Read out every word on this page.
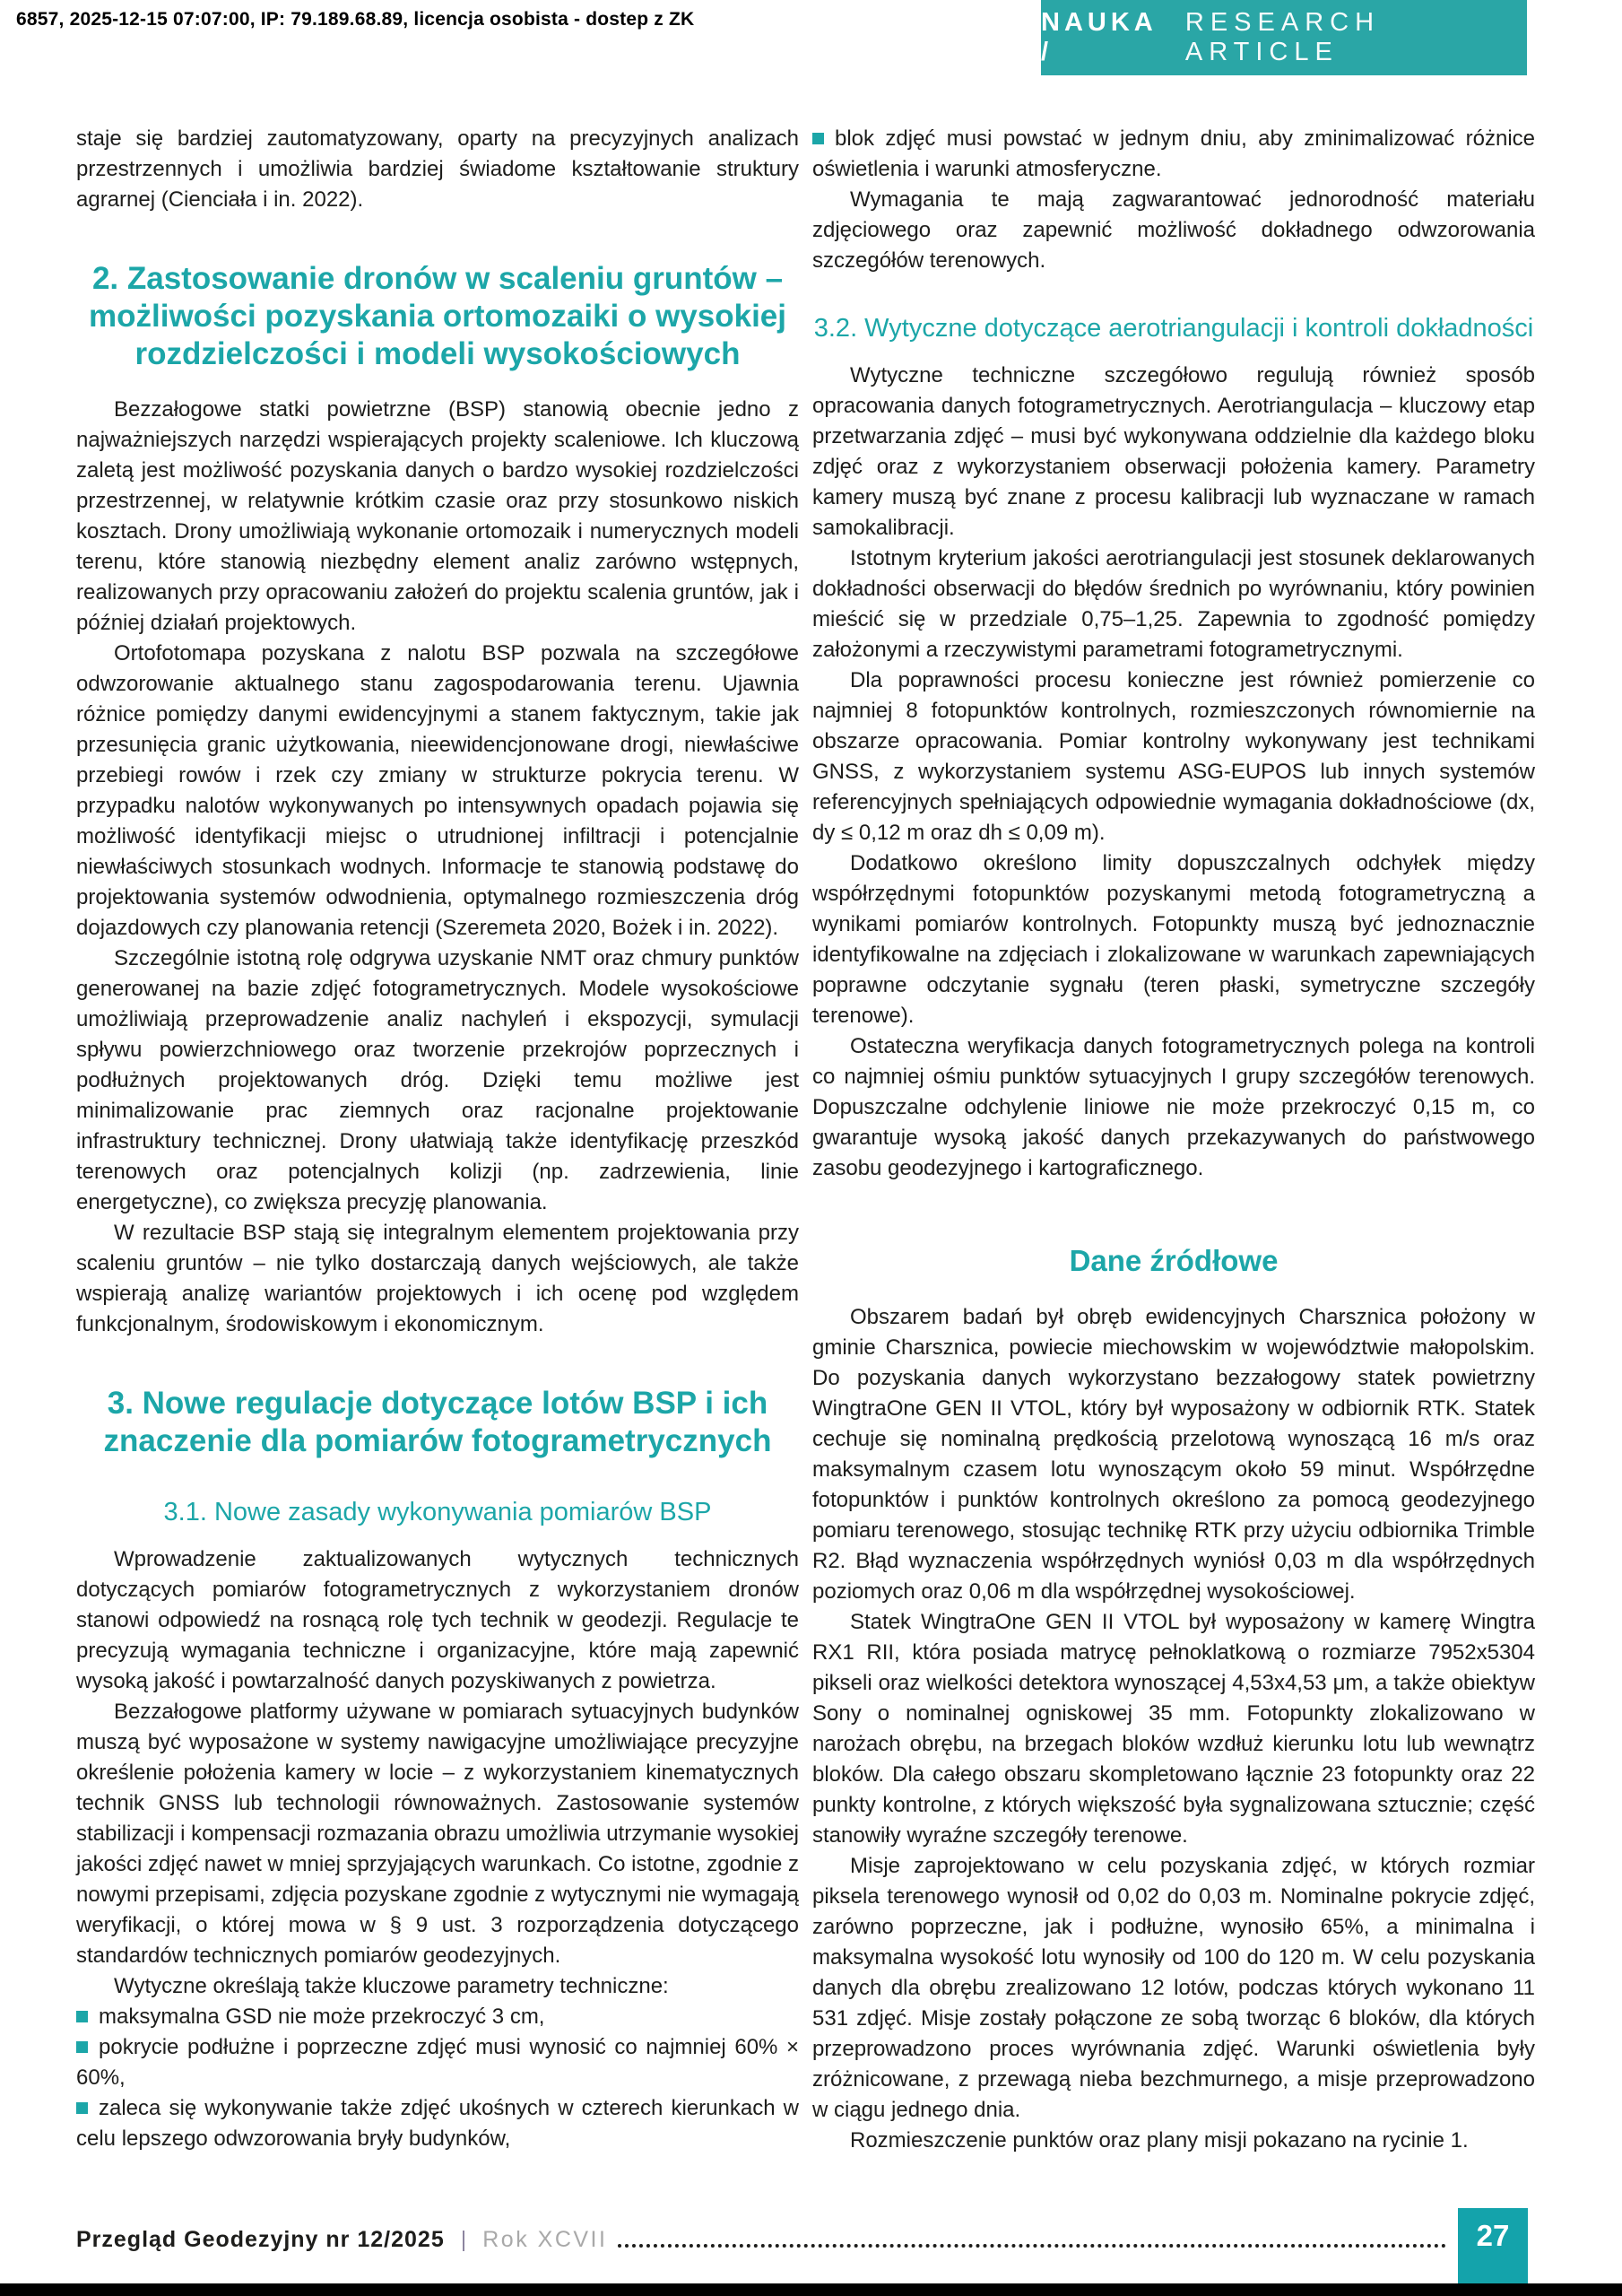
6857, 2025-12-15 07:07:00, IP: 79.189.68.89, licencja osobista - dostep z ZK	NAUKA /
RESEARCH ARTICLE

staje się bardziej zautomatyzowany, oparty na precyzyjnych analizach przestrzennych i umożliwia bardziej świadome kształtowanie struktury agrarnej (Cienciała i in. 2022).

2. Zastosowanie dronów w scaleniu gruntów – możliwości pozyskania ortomozaiki o wysokiej rozdzielczości i modeli wysokościowych

Bezzałogowe statki powietrzne (BSP) stanowią obecnie jedno z najważniejszych narzędzi wspierających projekty scaleniowe. Ich kluczową zaletą jest możliwość pozyskania danych o bardzo wysokiej rozdzielczości przestrzennej, w relatywnie krótkim czasie oraz przy stosunkowo niskich kosztach. Drony umożliwiają wykonanie ortomozaik i numerycznych modeli terenu, które stanowią niezbędny element analiz zarówno wstępnych, realizowanych przy opracowaniu założeń do projektu scalenia gruntów, jak i później działań projektowych.

Ortofotomapa pozyskana z nalotu BSP pozwala na szczegółowe odwzorowanie aktualnego stanu zagospodarowania terenu. Ujawnia różnice pomiędzy danymi ewidencyjnymi a stanem faktycznym, takie jak przesunięcia granic użytkowania, nieewidencjonowane drogi, niewłaściwe przebiegi rowów i rzek czy zmiany w strukturze pokrycia terenu. W przypadku nalotów wykonywanych po intensywnych opadach pojawia się możliwość identyfikacji miejsc o utrudnionej infiltracji i potencjalnie niewłaściwych stosunkach wodnych. Informacje te stanowią podstawę do projektowania systemów odwodnienia, optymalnego rozmieszczenia dróg dojazdowych czy planowania retencji (Szeremeta 2020, Bożek i in. 2022).

Szczególnie istotną rolę odgrywa uzyskanie NMT oraz chmury punktów generowanej na bazie zdjęć fotogrametrycznych. Modele wysokościowe umożliwiają przeprowadzenie analiz nachyleń i ekspozycji, symulacji spływu powierzchniowego oraz tworzenie przekrojów poprzecznych i podłużnych projektowanych dróg. Dzięki temu możliwe jest minimalizowanie prac ziemnych oraz racjonalne projektowanie infrastruktury technicznej. Drony ułatwiają także identyfikację przeszkód terenowych oraz potencjalnych kolizji (np. zadrzewienia, linie energetyczne), co zwiększa precyzję planowania.

W rezultacie BSP stają się integralnym elementem projektowania przy scaleniu gruntów – nie tylko dostarczają danych wejściowych, ale także wspierają analizę wariantów projektowych i ich ocenę pod względem funkcjonalnym, środowiskowym i ekonomicznym.

3. Nowe regulacje dotyczące lotów BSP i ich znaczenie dla pomiarów fotogrametrycznych
3.1. Nowe zasady wykonywania pomiarów BSP

Wprowadzenie zaktualizowanych wytycznych technicznych dotyczących pomiarów fotogrametrycznych z wykorzystaniem dronów stanowi odpowiedź na rosnącą rolę tych technik w geodezji. Regulacje te precyzują wymagania techniczne i organizacyjne, które mają zapewnić wysoką jakość i powtarzalność danych pozyskiwanych z powietrza.

Bezzałogowe platformy używane w pomiarach sytuacyjnych budynków muszą być wyposażone w systemy nawigacyjne umożliwiające precyzyjne określenie położenia kamery w locie – z wykorzystaniem kinematycznych technik GNSS lub technologii równoważnych. Zastosowanie systemów stabilizacji i kompensacji rozmazania obrazu umożliwia utrzymanie wysokiej jakości zdjęć nawet w mniej sprzyjających warunkach. Co istotne, zgodnie z nowymi przepisami, zdjęcia pozyskane zgodnie z wytycznymi nie wymagają weryfikacji, o której mowa w § 9 ust. 3 rozporządzenia dotyczącego standardów technicznych pomiarów geodezyjnych.

Wytyczne określają także kluczowe parametry techniczne:

maksymalna GSD nie może przekroczyć 3 cm,

pokrycie podłużne i poprzeczne zdjęć musi wynosić co najmniej 60% × 60%,

zaleca się wykonywanie także zdjęć ukośnych w czterech kierunkach w celu lepszego odwzorowania bryły budynków,

blok zdjęć musi powstać w jednym dniu, aby zminimalizować różnice oświetlenia i warunki atmosferyczne.

Wymagania te mają zagwarantować jednorodność materiału zdjęciowego oraz zapewnić możliwość dokładnego odwzorowania szczegółów terenowych.

3.2. Wytyczne dotyczące aerotriangulacji i kontroli dokładności

Wytyczne techniczne szczegółowo regulują również sposób opracowania danych fotogrametrycznych. Aerotriangulacja – kluczowy etap przetwarzania zdjęć – musi być wykonywana oddzielnie dla każdego bloku zdjęć oraz z wykorzystaniem obserwacji położenia kamery. Parametry kamery muszą być znane z procesu kalibracji lub wyznaczane w ramach samokalibracji.

Istotnym kryterium jakości aerotriangulacji jest stosunek deklarowanych dokładności obserwacji do błędów średnich po wyrównaniu, który powinien mieścić się w przedziale 0,75–1,25. Zapewnia to zgodność pomiędzy założonymi a rzeczywistymi parametrami fotogrametrycznymi.

Dla poprawności procesu konieczne jest również pomierzenie co najmniej 8 fotopunktów kontrolnych, rozmieszczonych równomiernie na obszarze opracowania. Pomiar kontrolny wykonywany jest technikami GNSS, z wykorzystaniem systemu ASG-EUPOS lub innych systemów referencyjnych spełniających odpowiednie wymagania dokładnościowe (dx, dy ≤ 0,12 m oraz dh ≤ 0,09 m).

Dodatkowo określono limity dopuszczalnych odchyłek między współrzędnymi fotopunktów pozyskanymi metodą fotogrametryczną a wynikami pomiarów kontrolnych. Fotopunkty muszą być jednoznacznie identyfikowalne na zdjęciach i zlokalizowane w warunkach zapewniających poprawne odczytanie sygnału (teren płaski, symetryczne szczegóły terenowe).

Ostateczna weryfikacja danych fotogrametrycznych polega na kontroli co najmniej ośmiu punktów sytuacyjnych I grupy szczegółów terenowych. Dopuszczalne odchylenie liniowe nie może przekroczyć 0,15 m, co gwarantuje wysoką jakość danych przekazywanych do państwowego zasobu geodezyjnego i kartograficznego.

Dane źródłowe

Obszarem badań był obręb ewidencyjnych Charsznica położony w gminie Charsznica, powiecie miechowskim w województwie małopolskim. Do pozyskania danych wykorzystano bezzałogowy statek powietrzny WingtraOne GEN II VTOL, który był wyposażony w odbiornik RTK. Statek cechuje się nominalną prędkością przelotową wynoszącą 16 m/s oraz maksymalnym czasem lotu wynoszącym około 59 minut. Współrzędne fotopunktów i punktów kontrolnych określono za pomocą geodezyjnego pomiaru terenowego, stosując technikę RTK przy użyciu odbiornika Trimble R2. Błąd wyznaczenia współrzędnych wyniósł 0,03 m dla współrzędnych poziomych oraz 0,06 m dla współrzędnej wysokościowej.

Statek WingtraOne GEN II VTOL był wyposażony w kamerę Wingtra RX1 RII, która posiada matrycę pełnoklatkową o rozmiarze 7952x5304 pikseli oraz wielkości detektora wynoszącej 4,53x4,53 μm, a także obiektyw Sony o nominalnej ogniskowej 35 mm. Fotopunkty zlokalizowano w narożach obrębu, na brzegach bloków wzdłuż kierunku lotu lub wewnątrz bloków. Dla całego obszaru skompletowano łącznie 23 fotopunkty oraz 22 punkty kontrolne, z których większość była sygnalizowana sztucznie; część stanowiły wyraźne szczegóły terenowe.

Misje zaprojektowano w celu pozyskania zdjęć, w których rozmiar piksela terenowego wynosił od 0,02 do 0,03 m. Nominalne pokrycie zdjęć, zarówno poprzeczne, jak i podłużne, wynosiło 65%, a minimalna i maksymalna wysokość lotu wynosiły od 100 do 120 m. W celu pozyskania danych dla obrębu zrealizowano 12 lotów, podczas których wykonano 11 531 zdjęć. Misje zostały połączone ze sobą tworząc 6 bloków, dla których przeprowadzono proces wyrównania zdjęć. Warunki oświetlenia były zróżnicowane, z przewagą nieba bezchmurnego, a misje przeprowadzono w ciągu jednego dnia.

Rozmieszczenie punktów oraz plany misji pokazano na rycinie 1.

Przegląd Geodezyjny nr 12/2025 | Rok XCVII	27
